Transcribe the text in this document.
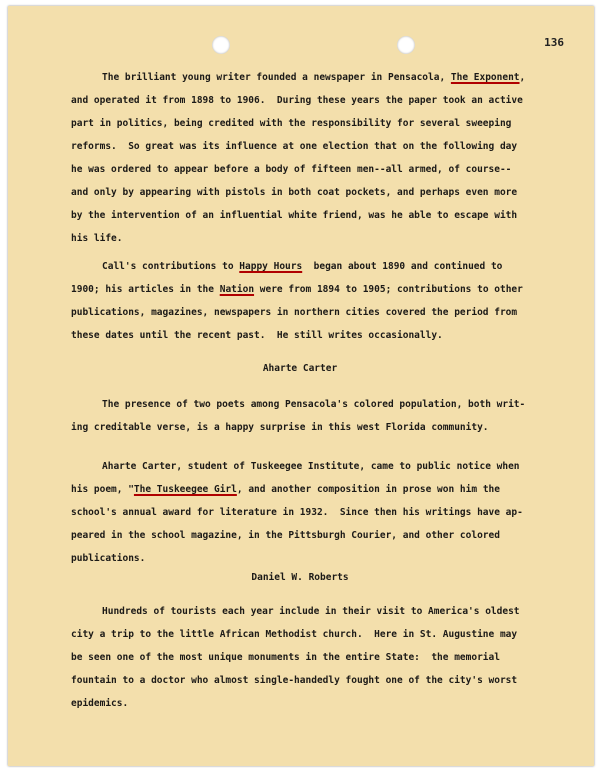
136
The brilliant young writer founded a newspaper in Pensacola, The Exponent,
and operated it from 1898 to 1906.  During these years the paper took an active
part in politics, being credited with the responsibility for several sweeping
reforms.  So great was its influence at one election that on the following day
he was ordered to appear before a body of fifteen men--all armed, of course--
and only by appearing with pistols in both coat pockets, and perhaps even more
by the intervention of an influential white friend, was he able to escape with
his life.
Call's contributions to Happy Hours  began about 1890 and continued to
1900; his articles in the Nation were from 1894 to 1905; contributions to other
publications, magazines, newspapers in northern cities covered the period from
these dates until the recent past.  He still writes occasionally.
Aharte Carter
The presence of two poets among Pensacola's colored population, both writ-
ing creditable verse, is a happy surprise in this west Florida community.
Aharte Carter, student of Tuskeegee Institute, came to public notice when
his poem, "The Tuskeegee Girl, and another composition in prose won him the
school's annual award for literature in 1932.  Since then his writings have ap-
peared in the school magazine, in the Pittsburgh Courier, and other colored
publications.
Daniel W. Roberts
Hundreds of tourists each year include in their visit to America's oldest
city a trip to the little African Methodist church.  Here in St. Augustine may
be seen one of the most unique monuments in the entire State:  the memorial
fountain to a doctor who almost single-handedly fought one of the city's worst
epidemics.
